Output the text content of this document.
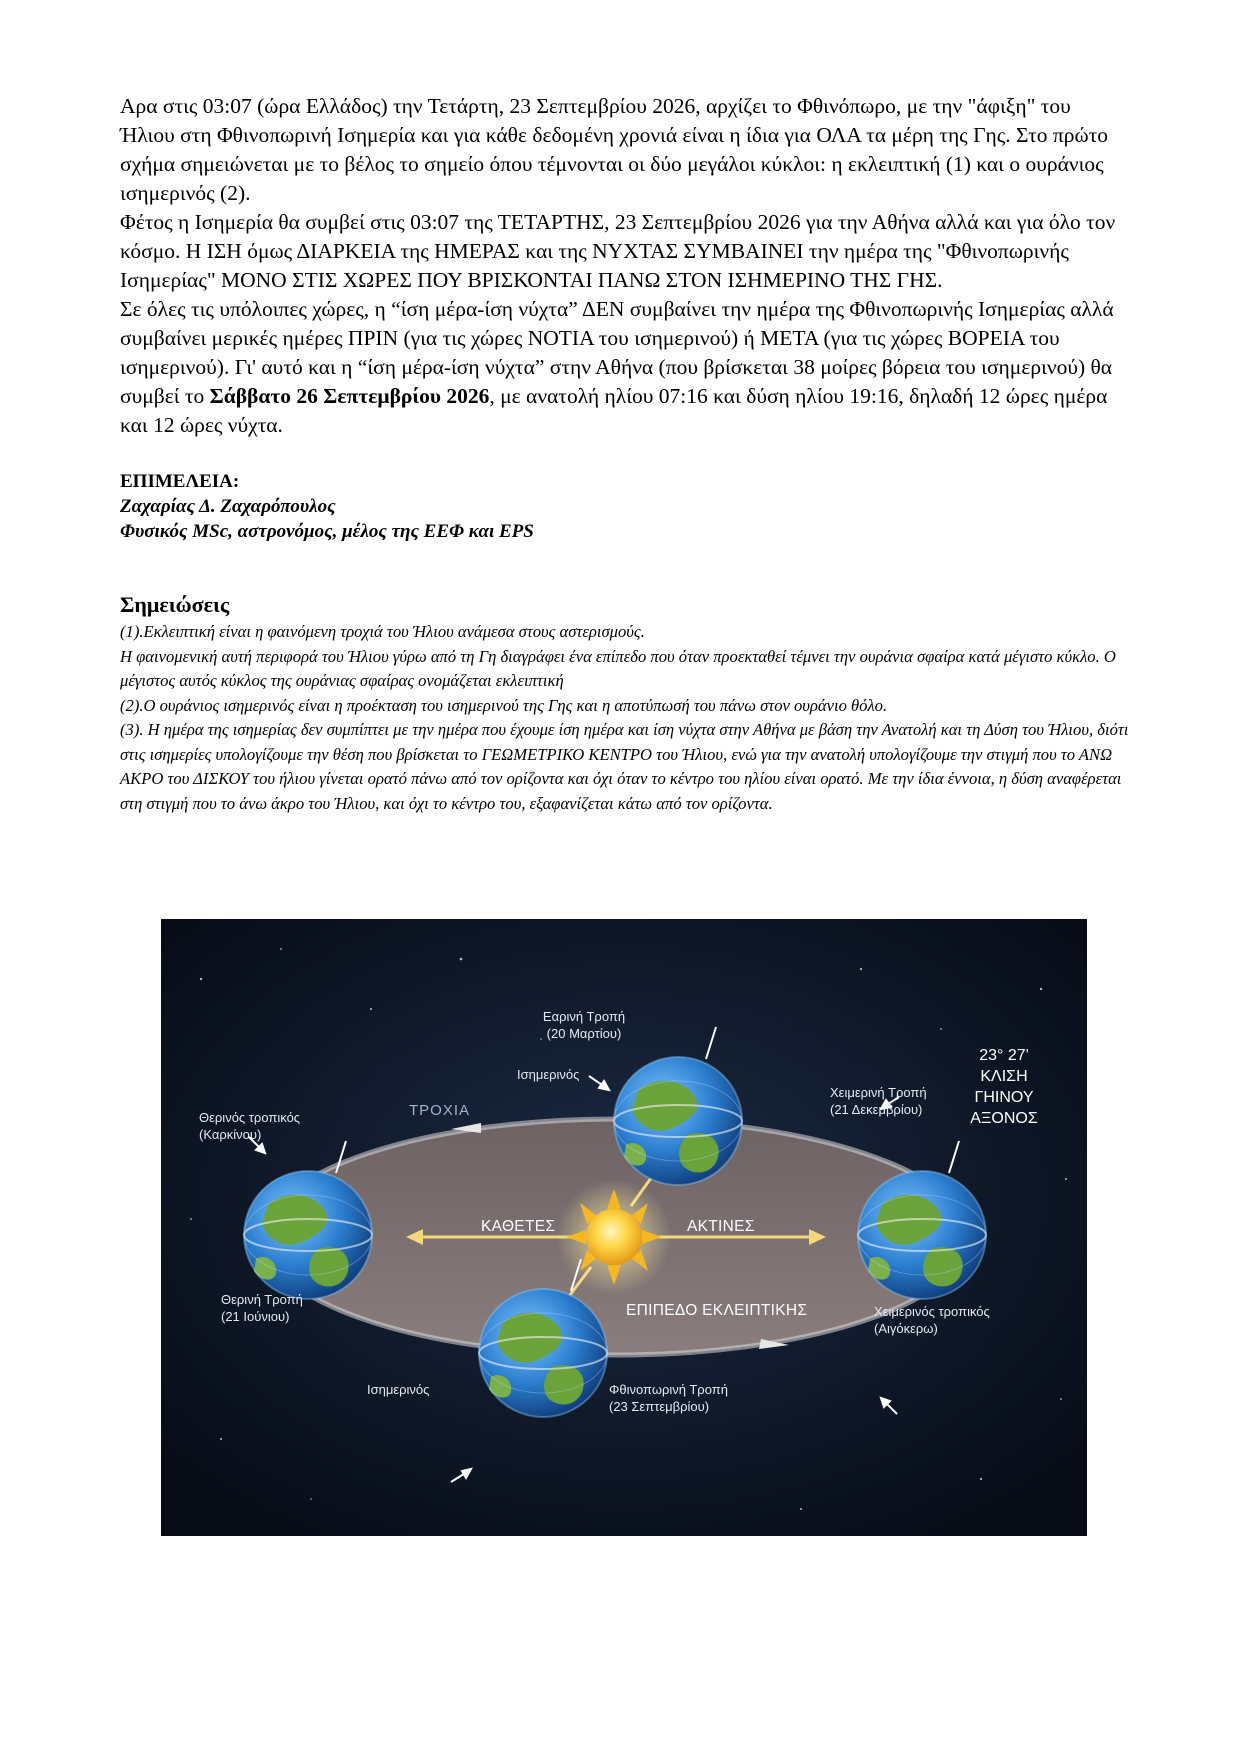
Αρα στις 03:07 (ώρα Ελλάδος) την Τετάρτη, 23 Σεπτεμβρίου 2026, αρχίζει το Φθινόπωρο, με την "άφιξη" του Ήλιου στη Φθινοπωρινή Ισημερία και για κάθε δεδομένη χρονιά είναι η ίδια για ΟΛΑ τα μέρη της Γης. Στο πρώτο σχήμα σημειώνεται με το βέλος το σημείο όπου τέμνονται οι δύο μεγάλοι κύκλοι: η εκλειπτική (1) και ο ουράνιος ισημερινός (2).

Φέτος η Ισημερία θα συμβεί στις 03:07 της ΤΕΤΑΡΤΗΣ, 23 Σεπτεμβρίου 2026 για την Αθήνα αλλά και για όλο τον κόσμο. Η ΙΣΗ όμως ΔΙΑΡΚΕΙΑ της ΗΜΕΡΑΣ και της ΝΥΧΤΑΣ ΣΥΜΒΑΙΝΕΙ την ημέρα της "Φθινοπωρινής Ισημερίας" ΜΟΝΟ ΣΤΙΣ ΧΩΡΕΣ ΠΟΥ ΒΡΙΣΚΟΝΤΑΙ ΠΑΝΩ ΣΤΟΝ ΙΣΗΜΕΡΙΝΟ ΤΗΣ ΓΗΣ.

Σε όλες τις υπόλοιπες χώρες, η “ίση μέρα-ίση νύχτα” ΔΕΝ συμβαίνει την ημέρα της Φθινοπωρινής Ισημερίας αλλά συμβαίνει μερικές ημέρες ΠΡΙΝ (για τις χώρες ΝΟΤΙΑ του ισημερινού) ή ΜΕΤΑ (για τις χώρες ΒΟΡΕΙΑ του ισημερινού). Γι' αυτό και η “ίση μέρα-ίση νύχτα” στην Αθήνα (που βρίσκεται 38 μοίρες βόρεια του ισημερινού) θα συμβεί το Σάββατο 26 Σεπτεμβρίου 2026, με ανατολή ηλίου 07:16 και δύση ηλίου 19:16, δηλαδή 12 ώρες ημέρα και 12 ώρες νύχτα.

ΕΠΙΜΕΛΕΙΑ:
Ζαχαρίας Δ. Ζαχαρόπουλος
Φυσικός MSc, αστρονόμος, μέλος της ΕΕΦ και EPS
Σημειώσεις

(1).Εκλειπτική είναι η φαινόμενη τροχιά του Ήλιου ανάμεσα στους αστερισμούς.

Η φαινομενική αυτή περιφορά του Ήλιου γύρω από τη Γη διαγράφει ένα επίπεδο που όταν προεκταθεί τέμνει την ουράνια σφαίρα κατά μέγιστο κύκλο. Ο μέγιστος αυτός κύκλος της ουράνιας σφαίρας ονομάζεται εκλειπτική

(2).Ο ουράνιος ισημερινός είναι η προέκταση του ισημερινού της Γης και η αποτύπωσή του πάνω στον ουράνιο θόλο.

(3). Η ημέρα της ισημερίας δεν συμπίπτει με την ημέρα που έχουμε ίση ημέρα και ίση νύχτα στην Αθήνα με βάση την Ανατολή και τη Δύση του Ήλιου, διότι στις ισημερίες υπολογίζουμε την θέση που βρίσκεται το ΓΕΩΜΕΤΡΙΚΟ ΚΕΝΤΡΟ του Ήλιου, ενώ για την ανατολή υπολογίζουμε την στιγμή που το ΑΝΩ ΑΚΡΟ του ΔΙΣΚΟΥ του ήλιου γίνεται ορατό πάνω από τον ορίζοντα και όχι όταν το κέντρο του ηλίου είναι ορατό. Με την ίδια έννοια, η δύση αναφέρεται στη στιγμή που το άνω άκρο του Ήλιου, και όχι το κέντρο του, εξαφανίζεται κάτω από τον ορίζοντα.

Εαρινή Τροπή
(20 Μαρτίου)
Ισημερινός
ΤΡΟΧΙΑ
Θερινός τροπικός
(Καρκίνου)
Χειμερινή Τροπή
(21 Δεκεμβρίου)
23° 27'
ΚΛΙΣΗ
ΓΗΙΝΟΥ
ΑΞΟΝΟΣ
ΚΑΘΕΤΕΣ	ΑΚΤΙΝΕΣ
Θερινή Τροπή
(21 Ιούνιου)	ΕΠΙΠΕΔΟ ΕΚΛΕΙΠΤΙΚΗΣ	Χειμερινός τροπικός
(Αιγόκερω)
Ισημερινός	Φθινοπωρινή Τροπή
(23 Σεπτεμβρίου)
